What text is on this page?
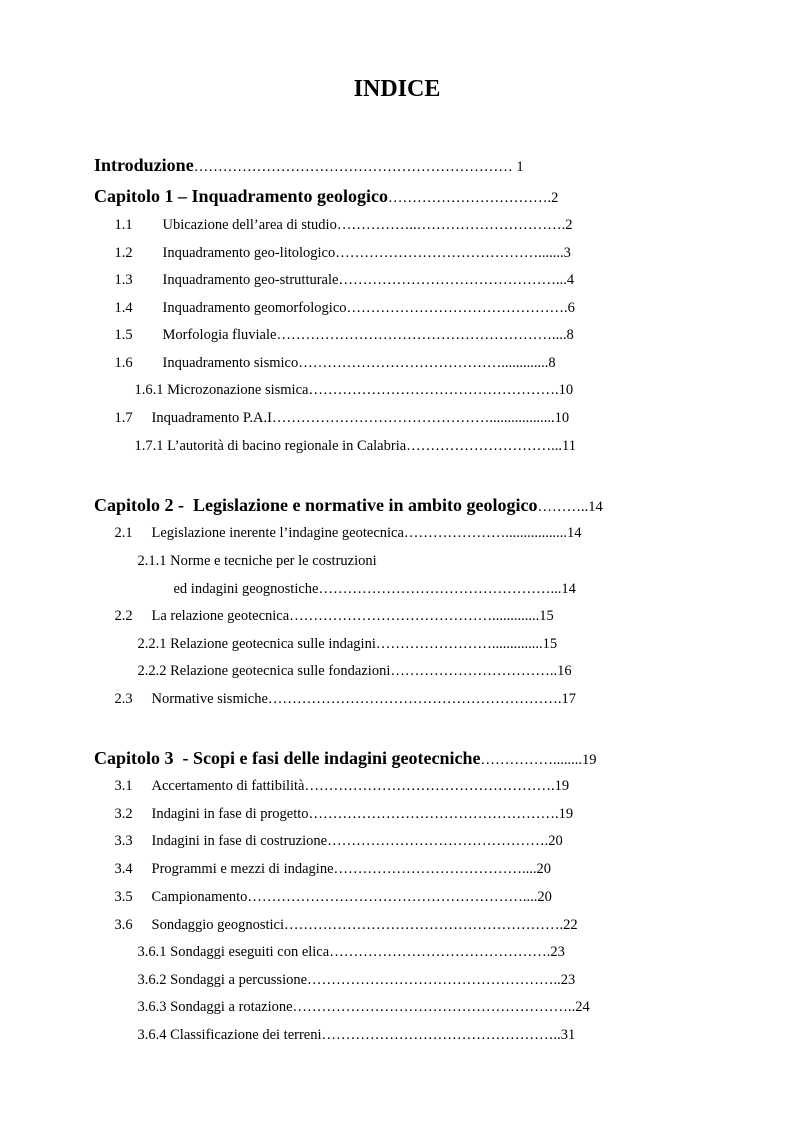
INDICE

Introduzione………………………………………………………… 1

Capitolo 1 – Inquadramento geologico…………………………….2

1.1 Ubicazione dell’area di studio……………..………………………….2

1.2 Inquadramento geo-litologico…………………………………….......3

1.3 Inquadramento geo-strutturale………………………………………...4

1.4 Inquadramento geomorfologico……………………………………….6

1.5 Morfologia fluviale…………………………………………………....8

1.6 Inquadramento sismico…………………………………….............8

1.6.1 Microzonazione sismica…………………………………………….10

1.7 Inquadramento P.A.I………………………………………..................10

1.7.1 L’autorità di bacino regionale in Calabria…………………………...11

Capitolo 2 -  Legislazione e normative in ambito geologico………..14

2.1 Legislazione inerente l’indagine geotecnica………………….................14

2.1.1 Norme e tecniche per le costruzioni

ed indagini geognostiche…………………………………………...14

2.2 La relazione geotecnica…………………………………….............15

2.2.1 Relazione geotecnica sulle indagini……………………..............15

2.2.2 Relazione geotecnica sulle fondazioni……………………………..16

2.3 Normative sismiche…………………………………………………….17

Capitolo 3  - Scopi e fasi delle indagini geotecniche……………........19

3.1 Accertamento di fattibilità…………………………………………….19

3.2 Indagini in fase di progetto…………………………………………….19

3.3 Indagini in fase di costruzione……………………………………….20

3.4 Programmi e mezzi di indagine…………………………………....20

3.5 Campionamento…………………………………………………....20

3.6 Sondaggio geognostici………………………………………………….22

3.6.1 Sondaggi eseguiti con elica……………………………………….23

3.6.2 Sondaggi a percussione……………………………………………..23

3.6.3 Sondaggi a rotazione…………………………………………………..24

3.6.4 Classificazione dei terreni…………………………………………..31
